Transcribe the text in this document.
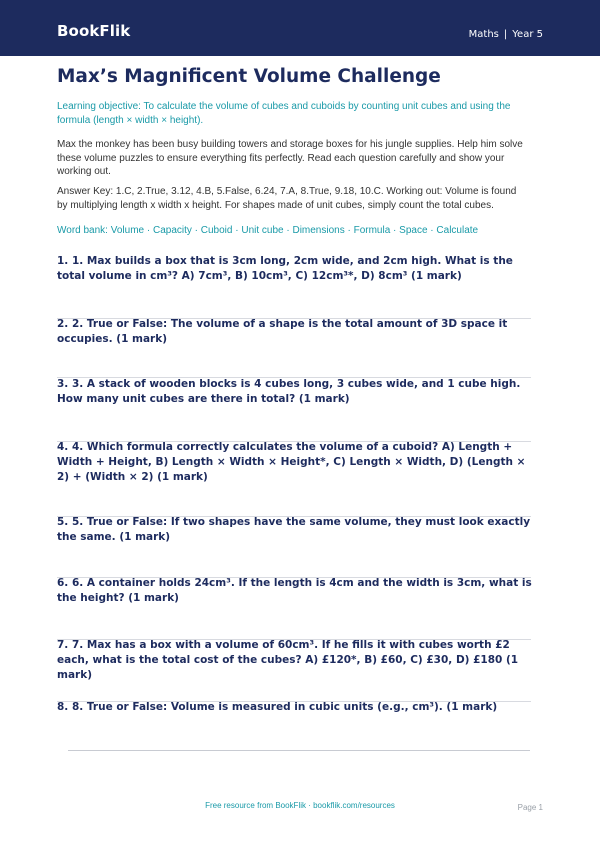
BookFlik	Maths | Year 5
Max’s Magnificent Volume Challenge

Learning objective: To calculate the volume of cubes and cuboids by counting unit cubes and using the formula (length × width × height).

Max the monkey has been busy building towers and storage boxes for his jungle supplies. Help him solve these volume puzzles to ensure everything fits perfectly. Read each question carefully and show your working out.

Answer Key: 1.C, 2.True, 3.12, 4.B, 5.False, 6.24, 7.A, 8.True, 9.18, 10.C. Working out: Volume is found by multiplying length x width x height. For shapes made of unit cubes, simply count the total cubes.

Word bank: Volume · Capacity · Cuboid · Unit cube · Dimensions · Formula · Space · Calculate

1. 1. Max builds a box that is 3cm long, 2cm wide, and 2cm high. What is the total volume in cm³? A) 7cm³, B) 10cm³, C) 12cm³*, D) 8cm³ (1 mark)

2. 2. True or False: The volume of a shape is the total amount of 3D space it occupies. (1 mark)

3. 3. A stack of wooden blocks is 4 cubes long, 3 cubes wide, and 1 cube high. How many unit cubes are there in total? (1 mark)

4. 4. Which formula correctly calculates the volume of a cuboid? A) Length + Width + Height, B) Length × Width × Height*, C) Length × Width, D) (Length × 2) + (Width × 2) (1 mark)

5. 5. True or False: If two shapes have the same volume, they must look exactly the same. (1 mark)

6. 6. A container holds 24cm³. If the length is 4cm and the width is 3cm, what is the height? (1 mark)

7. 7. Max has a box with a volume of 60cm³. If he fills it with cubes worth £2 each, what is the total cost of the cubes? A) £120*, B) £60, C) £30, D) £180 (1 mark)

8. 8. True or False: Volume is measured in cubic units (e.g., cm³). (1 mark)

Free resource from BookFlik · bookflik.com/resources	Page 1
